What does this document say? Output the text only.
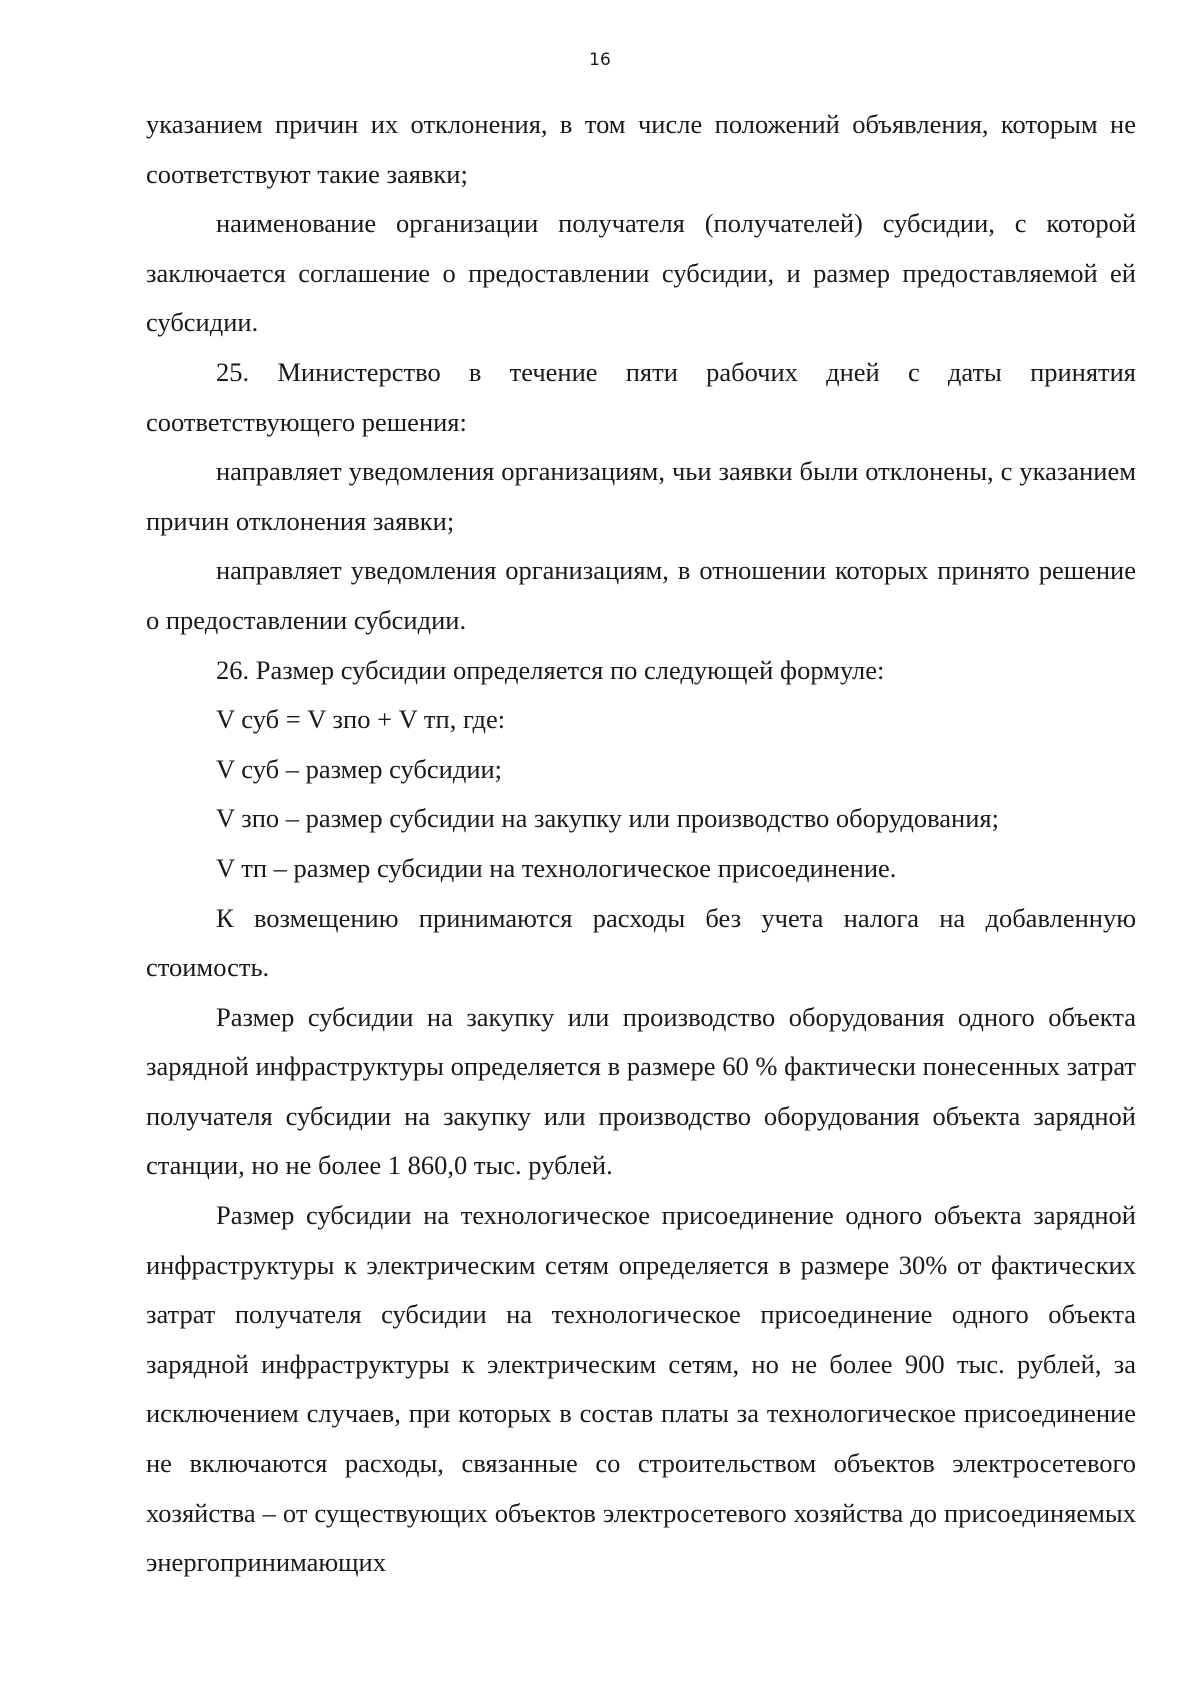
16

указанием причин их отклонения, в том числе положений объявления, которым не соответствуют такие заявки;

наименование организации получателя (получателей) субсидии, с которой заключается соглашение о предоставлении субсидии, и размер предоставляемой ей субсидии.

25. Министерство в течение пяти рабочих дней с даты принятия соответствующего решения:

направляет уведомления организациям, чьи заявки были отклонены, с указанием причин отклонения заявки;

направляет уведомления организациям, в отношении которых принято решение о предоставлении субсидии.

26. Размер субсидии определяется по следующей формуле:

V суб = V зпо + V тп, где:

V суб – размер субсидии;

V зпо – размер субсидии на закупку или производство оборудования;

V тп – размер субсидии на технологическое присоединение.

К возмещению принимаются расходы без учета налога на добавленную стоимость.

Размер субсидии на закупку или производство оборудования одного объекта зарядной инфраструктуры определяется в размере 60 % фактически понесенных затрат получателя субсидии на закупку или производство оборудования объекта зарядной станции, но не более 1 860,0 тыс. рублей.

Размер субсидии на технологическое присоединение одного объекта зарядной инфраструктуры к электрическим сетям определяется в размере 30% от фактических затрат получателя субсидии на технологическое присоединение одного объекта зарядной инфраструктуры к электрическим сетям, но не более 900 тыс. рублей, за исключением случаев, при которых в состав платы за технологическое присоединение не включаются расходы, связанные со строительством объектов электросетевого хозяйства – от существующих объектов электросетевого хозяйства до присоединяемых энергопринимающих
